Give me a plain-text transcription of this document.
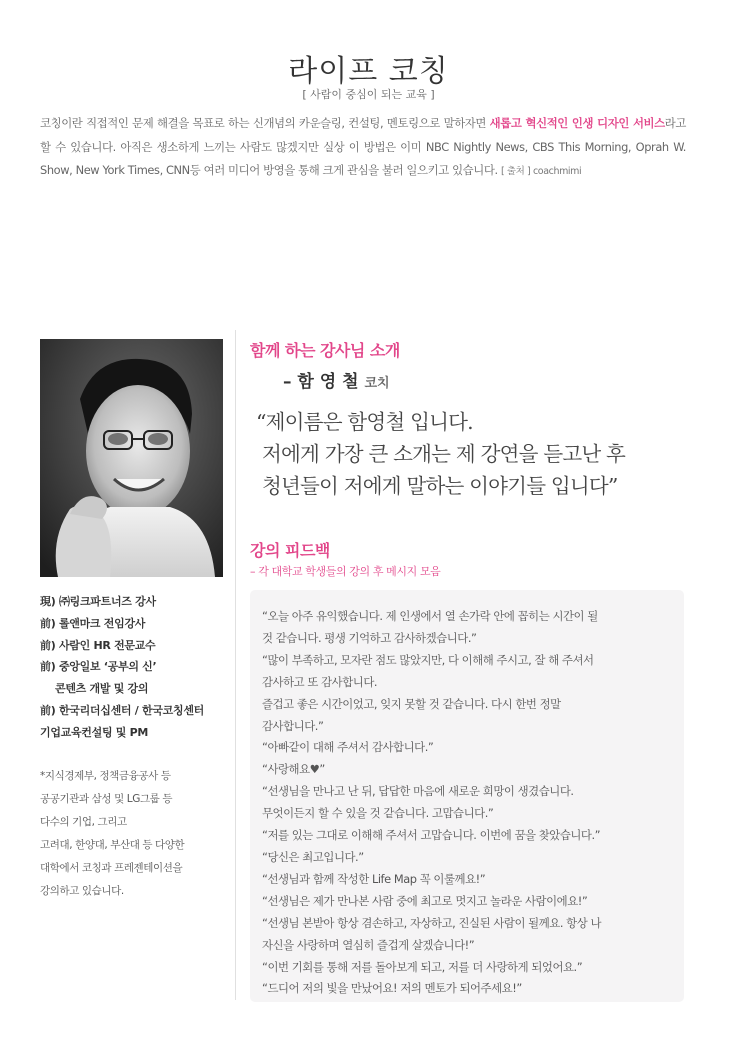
라이프 코칭
[ 사람이 중심이 되는 교육 ]
코칭이란 직접적인 문제 해결을 목표로 하는 신개념의 카운슬링, 컨설팅, 멘토링으로 말하자면 새롭고 혁신적인 인생 디자인 서비스라고 할 수 있습니다. 아직은 생소하게 느끼는 사람도 많겠지만 실상 이 방법은 이미 NBC Nightly News, CBS This Morning, Oprah W. Show, New York Times, CNN등 여러 미디어 방영을 통해 크게 관심을 불러 일으키고 있습니다. [ 출처 ] coachmimi
現) ㈜링크파트너즈 강사
前) 롤앤마크 전임강사
前) 사람인 HR 전문교수
前) 중앙일보 ‘공부의 신’
콘텐츠 개발 및 강의
前) 한국리더십센터 / 한국코칭센터
기업교육컨설팅 및 PM
*지식경제부, 정책금융공사 등
공공기관과 삼성 및 LG그룹 등
다수의 기업, 그리고
고려대, 한양대, 부산대 등 다양한
대학에서 코칭과 프레젠테이션을
강의하고 있습니다.
함께 하는 강사님 소개
– 함 영 철 코치
“제이름은 함영철 입니다.
저에게 가장 큰 소개는 제 강연을 듣고난 후
청년들이 저에게 말하는 이야기들 입니다”
강의 피드백
– 각 대학교 학생들의 강의 후 메시지 모음
“오늘 아주 유익했습니다. 제 인생에서 열 손가락 안에 꼽히는 시간이 될
것 같습니다. 평생 기억하고 감사하겠습니다.”
“많이 부족하고, 모자란 점도 많았지만, 다 이해해 주시고, 잘 해 주셔서
감사하고 또 감사합니다.
즐겁고 좋은 시간이었고, 잊지 못할 것 같습니다. 다시 한번 정말
감사합니다.”
“아빠같이 대해 주셔서 감사합니다.”
“사랑해요♥”
“선생님을 만나고 난 뒤, 답답한 마음에 새로운 희망이 생겼습니다.
무엇이든지 할 수 있을 것 같습니다. 고맙습니다.”
“저를 있는 그대로 이해해 주셔서 고맙습니다. 이번에 꿈을 찾았습니다.”
“당신은 최고입니다.”
“선생님과 함께 작성한 Life Map 꼭 이룰께요!”
“선생님은 제가 만나본 사람 중에 최고로 멋지고 놀라운 사람이에요!”
“선생님 본받아 항상 겸손하고, 자상하고, 진실된 사람이 될께요. 항상 나
자신을 사랑하며 열심히 즐겁게 살겠습니다!”
“이번 기회를 통해 저를 돌아보게 되고, 저를 더 사랑하게 되었어요.”
“드디어 저의 빛을 만났어요! 저의 멘토가 되어주세요!”
